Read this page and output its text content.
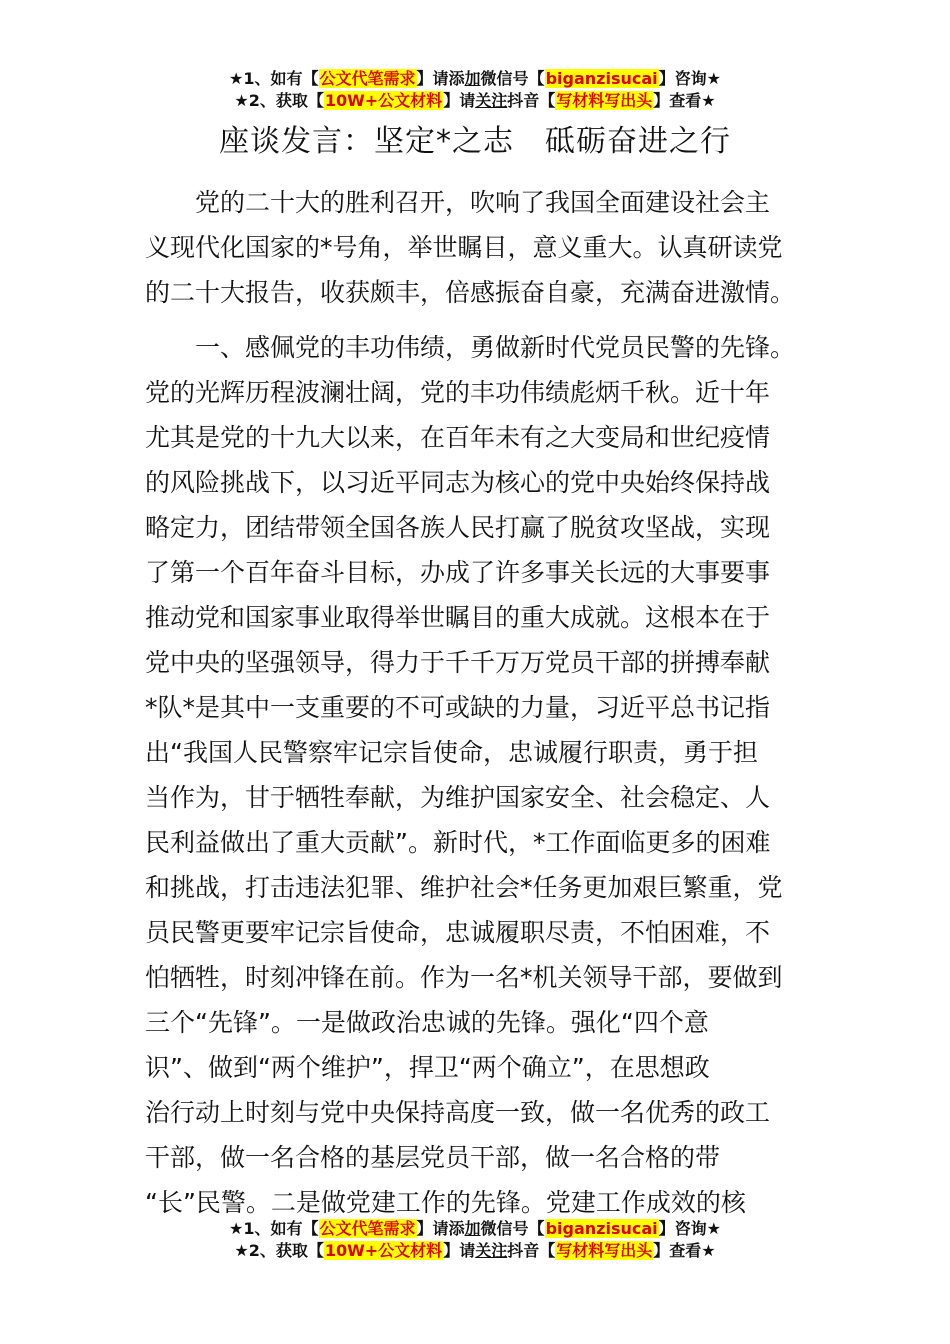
★1、如有【公文代笔需求】请添加微信号【biganzisucai】咨询★
★2、获取【10W+公文材料】请关注抖音【写材料写出头】查看★
座谈发言：坚定*之志　砥砺奋进之行
　　党的二十大的胜利召开，吹响了我国全面建设社会主
义现代化国家的*号角，举世瞩目，意义重大。认真研读党
的二十大报告，收获颇丰，倍感振奋自豪，充满奋进激情。
　　一、感佩党的丰功伟绩，勇做新时代党员民警的先锋。
党的光辉历程波澜壮阔，党的丰功伟绩彪炳千秋。近十年
尤其是党的十九大以来，在百年未有之大变局和世纪疫情
的风险挑战下，以习近平同志为核心的党中央始终保持战
略定力，团结带领全国各族人民打赢了脱贫攻坚战，实现
了第一个百年奋斗目标，办成了许多事关长远的大事要事
推动党和国家事业取得举世瞩目的重大成就。这根本在于
党中央的坚强领导，得力于千千万万党员干部的拼搏奉献
*队*是其中一支重要的不可或缺的力量，习近平总书记指
出“我国人民警察牢记宗旨使命，忠诚履行职责，勇于担
当作为，甘于牺牲奉献，为维护国家安全、社会稳定、人
民利益做出了重大贡献”。新时代，*工作面临更多的困难
和挑战，打击违法犯罪、维护社会*任务更加艰巨繁重，党
员民警更要牢记宗旨使命，忠诚履职尽责，不怕困难，不
怕牺牲，时刻冲锋在前。作为一名*机关领导干部，要做到
三个“先锋”。一是做政治忠诚的先锋。强化“四个意
识”、做到“两个维护”，捍卫“两个确立”，在思想政
治行动上时刻与党中央保持高度一致，做一名优秀的政工
干部，做一名合格的基层党员干部，做一名合格的带
“长”民警。二是做党建工作的先锋。党建工作成效的核
★1、如有【公文代笔需求】请添加微信号【biganzisucai】咨询★
★2、获取【10W+公文材料】请关注抖音【写材料写出头】查看★
